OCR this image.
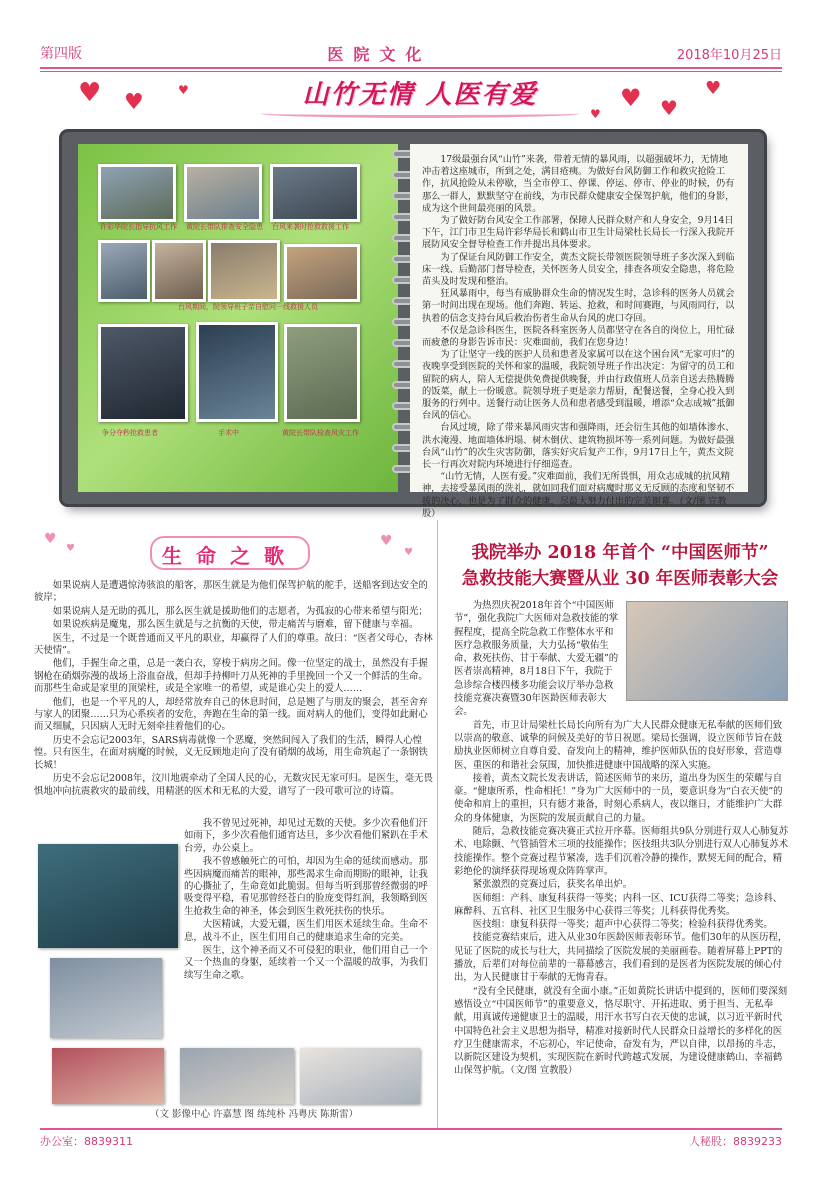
第四版	医院文化	2018年10月25日
♥ ♥	♥	♥ ♥
♥
♥
山竹无情 人医有爱
许彩华院长指导抗风工作 黄院长带队排查安全隐患 台风来袭时抢救救援工作
台风期间，院领导班子亲自慰问一线救援人员
争分夺秒抢救患者	手术中	黄院长带队检查风灾工作

17级最强台风“山竹”来袭，带着无情的暴风雨，以超强破坏力，无情地冲击着这座城市，所到之处，满目疮痍。为做好台风防御工作和救灾抢险工作，抗风抢险从未停歇，当全市停工、停课、停运、停市、停业的时候，仍有那么一群人，默默坚守在前线，为市民群众健康安全保驾护航，他们的身影，成为这个世间最亮丽的风景。

为了做好防台风安全工作部署，保障人民群众财产和人身安全，9月14日下午，江门市卫生局许彩华局长和鹤山市卫生计局梁杜长局长一行深入我院开展防风安全督导检查工作并提出具体要求。

为了保证台风防御工作安全，黄杰文院长带领医院领导班子多次深入到临床一线、后勤部门督导检查，关怀医务人员安全，排查各项安全隐患，将危险苗头及时发现和整治。

狂风暴雨中，每当有威胁群众生命的情况发生时，急诊科的医务人员就会第一时间出现在现场。他们奔跑、转运、抢救，和时间赛跑，与风雨同行，以执着的信念支持台风后救治伤者生命从台风的虎口夺回。

不仅是急诊科医生，医院各科室医务人员都坚守在各自的岗位上，用忙碌而疲惫的身影告诉市民：灾难面前，我们在您身边！

为了让坚守一线的医护人员和患者及家属可以在这个困台风“无家可归”的夜晚享受到医院的关怀和家的温暖，我院领导班子作出决定：为留守的员工和留院的病人，陪人无偿提供免费提供晚餐，并由行政值班人员亲自送去热腾腾的饭菜，献上一份暖意。院领导班子更是亲力帮厨，配餐送餐，全身心投入到服务的行列中。送餐行动让医务人员和患者感受到温暖，增添“众志成城”抵御台风的信心。

台风过境，除了带来暴风雨灾害和强降雨，还会衍生其他的如墙体渗水、洪水淹漫、地面墙体坍塌、树木倒伏、建筑物损坏等一系列问题。为做好最强台风“山竹”的次生灾害防御，落实好灾后复产工作，9月17日上午，黄杰文院长一行再次对院内环境进行仔细巡查。

“山竹无情，人医有爱。”灾难面前，我们无所畏惧，用众志成城的抗风精神，去接受暴风雨的洗礼，就如同我们面对病魔时那义无反顾的态度和坚韧不拔的决心，也是为了群众的健康，尽最大努力付出的完美谢幕。（文/图 宣教股）

♥
♥	♥
♥
生命之歌

如果说病人是遭遇惊涛骇浪的船客，那医生就是为他们保驾护航的舵手，送船客到达安全的彼岸；

如果说病人是无助的孤儿，那么医生就是援助他们的志愿者，为孤寂的心带来希望与阳光；

如果说疾病是魔鬼，那么医生就是与之抗衡的天使，带走痛苦与磨难，留下健康与幸福。

医生，不过是一个既普通而又平凡的职业，却赢得了人们的尊重。故曰：“医者父母心，杏林天使情”。

他们，手握生命之重，总是一袭白衣，穿梭于病房之间。像一位坚定的战士，虽然没有手握钢枪在硝烟弥漫的战场上浴血奋战，但却手持柳叶刀从死神的手里挽回一个又一个鲜活的生命。而那些生命或是家里的顶梁柱，或是全家唯一的希望，或是谁心尖上的爱人……

他们，也是一个平凡的人，却经常放弃自己的休息时间，总是翘了与朋友的聚会，甚至舍弃与家人的团聚……只为心系疾者的安危，奔跑在生命的第一线。面对病人的他们，变得如此耐心而又细腻，只因病人无时无刻牵挂着他们的心。

历史不会忘记2003年，SARS病毒就像一个恶魔，突然间闯入了我们的生活，瞬得人心惶惶。只有医生，在面对病魔的时候，义无反顾地走向了没有硝烟的战场，用生命筑起了一条钢铁长城！

历史不会忘记2008年，汶川地震牵动了全国人民的心，无数灾民无家可归。是医生，毫无畏惧地冲向抗震救灾的最前线，用精湛的医术和无私的大爱，谱写了一段可歌可泣的诗篇。

我不曾见过死神，却见过无数的天使。多少次看他们汗如雨下，多少次看他们通宵达旦，多少次看他们紧趴在手术台旁，办公桌上。

我不曾感触死亡的可怕，却因为生命的延续而感动。那些因病魔而痛苦的眼神，那些渴求生命而期盼的眼神，让我的心撕扯了，生命竟如此脆弱。但每当听到那曾经微弱的呼吸变得平稳，看见那曾经苍白的脸庞变得红润，我领略到医生抢救生命的神圣，体会到医生救死扶伤的快乐。

大医精诚，大爱无疆，医生们用医术延续生命。生命不息，战斗不止，医生们用自己的健康追求生命的完美。

医生，这个神圣而又不可侵犯的职业，他们用自己一个又一个热血的身躯，延续着一个又一个温暖的故事，为我们续写生命之歌。

（文 影像中心 许嘉慧 图 练纯朴 冯粤庆 陈斯雷）
我院举办 2018 年首个 “中国医师节”
急救技能大赛暨从业 30 年医师表彰大会

为热烈庆祝2018年首个“中国医师节”，强化我院广大医师对急救技能的掌握程度，提高全院急救工作整体水平和医疗急救服务质量，大力弘扬“敬佑生命、救死扶伤、甘于奉献、大爱无疆”的医者崇高精神，8月18日下午，我院于急诊综合楼四楼多功能会议厅举办急救技能竞赛决赛暨30年医龄医师表彰大会。

首先，市卫计局梁杜长局长向所有为广大人民群众健康无私奉献的医师们致以崇高的敬意、诚挚的问候及美好的节日祝愿。梁局长强调，设立医师节旨在鼓励执业医师树立自尊自爱、奋发向上的精神，维护医师队伍的良好形象，营造尊医、重医的和谐社会氛围，加快推进健康中国战略的深入实施。

接着，黄杰文院长发表讲话，简述医师节的来历，道出身为医生的荣耀与自豪。“健康所系，性命相托！”身为广大医师中的一员，要意识身为“白衣天使”的使命和肩上的重担，只有德才兼备，时刻心系病人，夜以继日，才能维护广大群众的身体健康，为医院的发展贡献自己的力量。

随后，急救技能竞赛决赛正式拉开序幕。医师组共9队分别进行双人心肺复苏术、电除颤、气管插管术三项的技能操作；医技组共3队分别进行双人心肺复苏术技能操作。整个竞赛过程节紧凑，选手们沉着冷静的操作，默契无间的配合，精彩绝伦的演绎获得现场观众阵阵掌声。

紧张激烈的竞赛过后，获奖名单出炉。

医师组：产科、康复科获得一等奖；内科一区、ICU获得二等奖；急诊科、麻醉科、五官科、社区卫生服务中心获得三等奖；儿科获得优秀奖。

医技组：康复科获得一等奖；超声中心获得二等奖；检验科获得优秀奖。

技能竞赛结束后，进入从业30年医龄医师表彰环节。他们30年的从医历程，见证了医院的成长与壮大，共同描绘了医院发展的美丽画卷。随着屏幕上PPT的播放，后辈们对每位前辈的一幕幕感言，我们看到的是医者为医院发展的倾心付出，为人民健康甘于奉献的无悔青春。

“没有全民健康，就没有全面小康。”正如黄院长讲话中提到的，医师们要深刻感悟设立“中国医师节”的重要意义，恪尽职守、开拓进取、勇于担当、无私奉献，用真诚传递健康卫士的温暖，用汗水书写白衣天使的忠诚，以习近平新时代中国特色社会主义思想为指导，精准对接新时代人民群众日益增长的多样化的医疗卫生健康需求，不忘初心，牢记使命，奋发有为，严以自律，以昂扬的斗志，以新院区建设为契机，实现医院在新时代跨越式发展，为建设健康鹤山、幸福鹤山保驾护航。（文/图 宣教股）

办公室：8839311	人秘股：8839233
